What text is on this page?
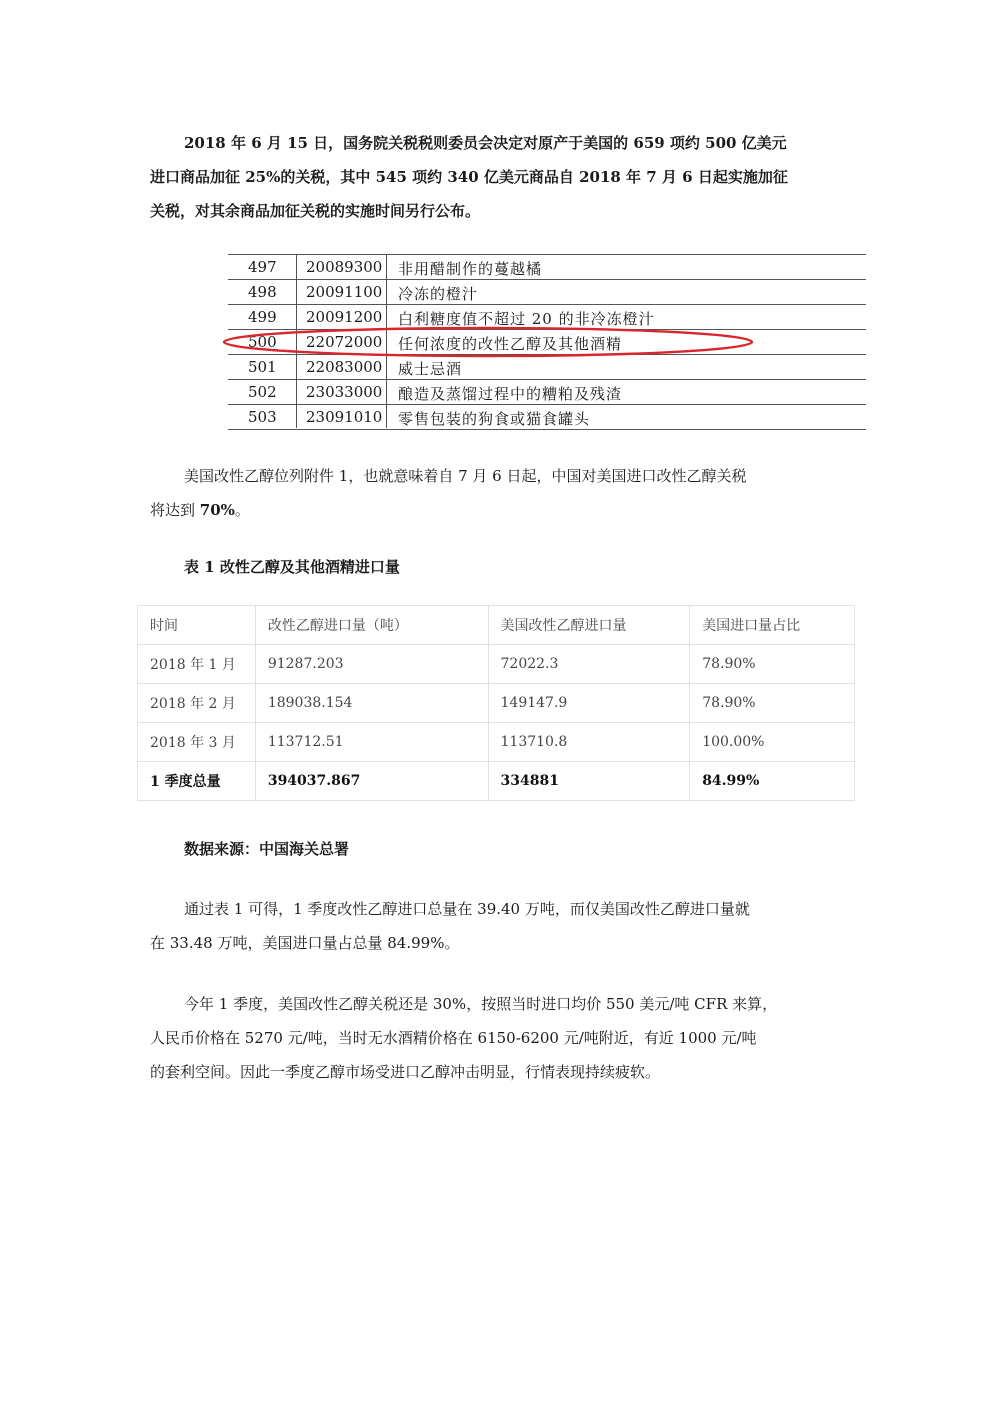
2018 年 6 月 15 日，国务院关税税则委员会决定对原产于美国的 659 项约 500 亿美元
进口商品加征 25%的关税，其中 545 项约 340 亿美元商品自 2018 年 7 月 6 日起实施加征
关税，对其余商品加征关税的实施时间另行公布。
497 20089300 非用醋制作的蔓越橘
498 20091100 冷冻的橙汁
499 20091200 白利糖度值不超过 20 的非冷冻橙汁
500 22072000 任何浓度的改性乙醇及其他酒精
501 22083000 威士忌酒
502 23033000 酿造及蒸馏过程中的糟粕及残渣
503 23091010 零售包装的狗食或猫食罐头
美国改性乙醇位列附件 1，也就意味着自 7 月 6 日起，中国对美国进口改性乙醇关税
将达到 70%。
表 1 改性乙醇及其他酒精进口量
时间	改性乙醇进口量（吨）	美国改性乙醇进口量	美国进口量占比
2018 年 1 月	91287.203	72022.3	78.90%
2018 年 2 月	189038.154	149147.9	78.90%
2018 年 3 月	113712.51	113710.8	100.00%
1 季度总量	394037.867	334881	84.99%
数据来源：中国海关总署
通过表 1 可得，1 季度改性乙醇进口总量在 39.40 万吨，而仅美国改性乙醇进口量就
在 33.48 万吨，美国进口量占总量 84.99%。
今年 1 季度，美国改性乙醇关税还是 30%，按照当时进口均价 550 美元/吨 CFR 来算，
人民币价格在 5270 元/吨，当时无水酒精价格在 6150-6200 元/吨附近，有近 1000 元/吨
的套利空间。因此一季度乙醇市场受进口乙醇冲击明显，行情表现持续疲软。
